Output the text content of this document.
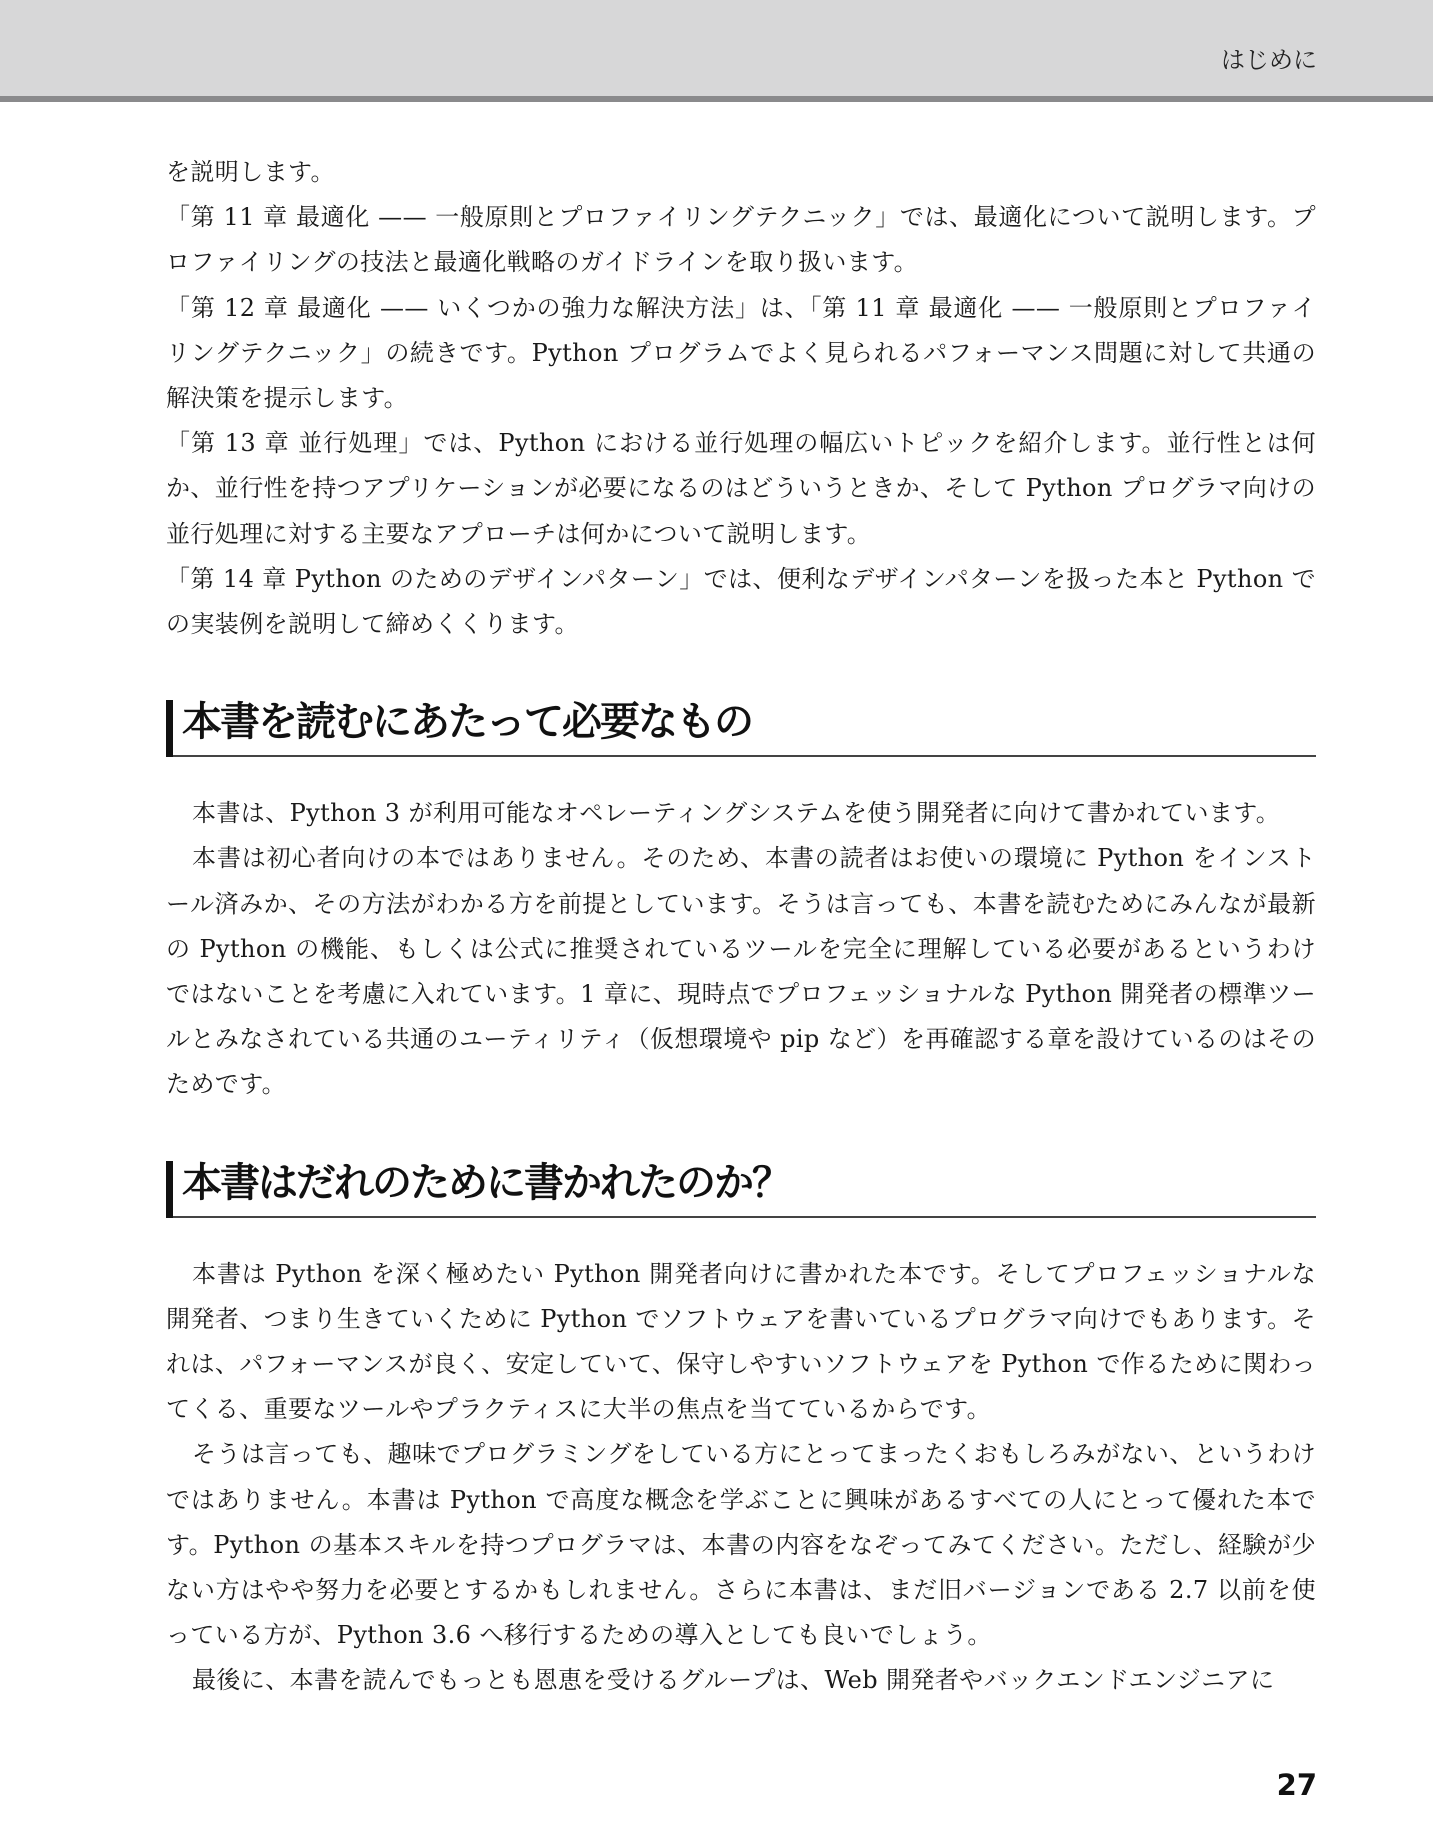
はじめに

を説明します。

「第 11 章 最適化 —— 一般原則とプロファイリングテクニック」では、最適化について説明します。プロファイリングの技法と最適化戦略のガイドラインを取り扱います。

「第 12 章 最適化 —— いくつかの強力な解決方法」は、「第 11 章 最適化 —— 一般原則とプロファイリングテクニック」の続きです。Python プログラムでよく見られるパフォーマンス問題に対して共通の解決策を提示します。

「第 13 章 並行処理」では、Python における並行処理の幅広いトピックを紹介します。並行性とは何か、並行性を持つアプリケーションが必要になるのはどういうときか、そして Python プログラマ向けの並行処理に対する主要なアプローチは何かについて説明します。

「第 14 章 Python のためのデザインパターン」では、便利なデザインパターンを扱った本と Python での実装例を説明して締めくくります。

本書を読むにあたって必要なもの

本書は、Python 3 が利用可能なオペレーティングシステムを使う開発者に向けて書かれています。

本書は初心者向けの本ではありません。そのため、本書の読者はお使いの環境に Python をインストール済みか、その方法がわかる方を前提としています。そうは言っても、本書を読むためにみんなが最新の Python の機能、もしくは公式に推奨されているツールを完全に理解している必要があるというわけではないことを考慮に入れています。1 章に、現時点でプロフェッショナルな Python 開発者の標準ツールとみなされている共通のユーティリティ（仮想環境や pip など）を再確認する章を設けているのはそのためです。

本書はだれのために書かれたのか？

本書は Python を深く極めたい Python 開発者向けに書かれた本です。そしてプロフェッショナルな開発者、つまり生きていくために Python でソフトウェアを書いているプログラマ向けでもあります。それは、パフォーマンスが良く、安定していて、保守しやすいソフトウェアを Python で作るために関わってくる、重要なツールやプラクティスに大半の焦点を当てているからです。

そうは言っても、趣味でプログラミングをしている方にとってまったくおもしろみがない、というわけではありません。本書は Python で高度な概念を学ぶことに興味があるすべての人にとって優れた本です。Python の基本スキルを持つプログラマは、本書の内容をなぞってみてください。ただし、経験が少ない方はやや努力を必要とするかもしれません。さらに本書は、まだ旧バージョンである 2.7 以前を使っている方が、Python 3.6 へ移行するための導入としても良いでしょう。

最後に、本書を読んでもっとも恩恵を受けるグループは、Web 開発者やバックエンドエンジニアに

27
